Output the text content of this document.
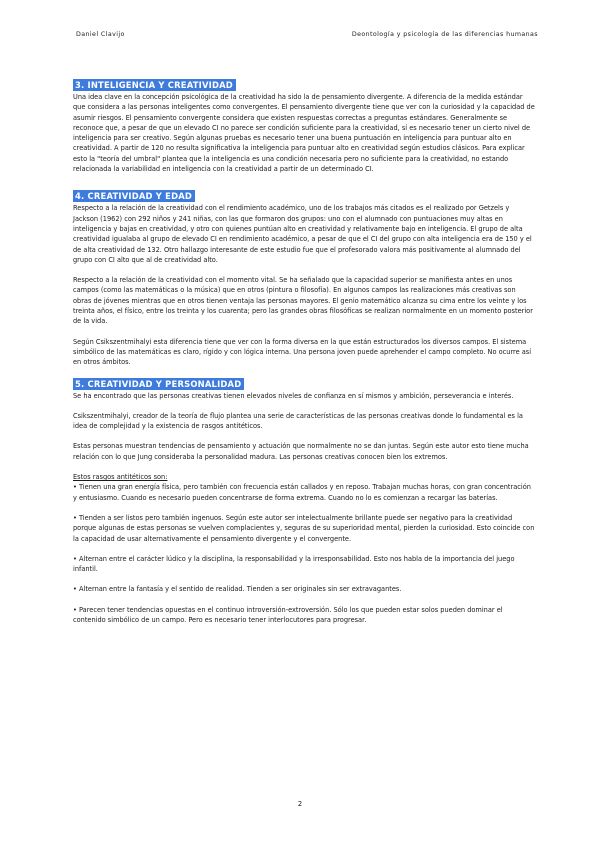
Daniel Clavijo	Deontología y psicología de las diferencias humanas
3. INTELIGENCIA Y CREATIVIDAD

Una idea clave en la concepción psicológica de la creatividad ha sido la de pensamiento divergente. A diferencia de la medida estándar que considera a las personas inteligentes como convergentes. El pensamiento divergente tiene que ver con la curiosidad y la capacidad de asumir riesgos. El pensamiento convergente considera que existen respuestas correctas a preguntas estándares. Generalmente se reconoce que, a pesar de que un elevado CI no parece ser condición suficiente para la creatividad, sí es necesario tener un cierto nivel de inteligencia para ser creativo. Según algunas pruebas es necesario tener una buena puntuación en inteligencia para puntuar alto en creatividad. A partir de 120 no resulta significativa la inteligencia para puntuar alto en creatividad según estudios clásicos. Para explicar esto la "teoría del umbral" plantea que la inteligencia es una condición necesaria pero no suficiente para la creatividad, no estando relacionada la variabilidad en inteligencia con la creatividad a partir de un determinado CI.

4. CREATIVIDAD Y EDAD

Respecto a la relación de la creatividad con el rendimiento académico, uno de los trabajos más citados es el realizado por Getzels y Jackson (1962) con 292 niños y 241 niñas, con las que formaron dos grupos: uno con el alumnado con puntuaciones muy altas en inteligencia y bajas en creatividad, y otro con quienes puntúan alto en creatividad y relativamente bajo en inteligencia. El grupo de alta creatividad igualaba al grupo de elevado CI en rendimiento académico, a pesar de que el CI del grupo con alta inteligencia era de 150 y el de alta creatividad de 132. Otro hallazgo interesante de este estudio fue que el profesorado valora más positivamente al alumnado del grupo con CI alto que al de creatividad alto.

Respecto a la relación de la creatividad con el momento vital. Se ha señalado que la capacidad superior se manifiesta antes en unos campos (como las matemáticas o la música) que en otros (pintura o filosofía). En algunos campos las realizaciones más creativas son obras de jóvenes mientras que en otros tienen ventaja las personas mayores. El genio matemático alcanza su cima entre los veinte y los treinta años, el físico, entre los treinta y los cuarenta; pero las grandes obras filosóficas se realizan normalmente en un momento posterior de la vida.

Según Csikszentmihalyi esta diferencia tiene que ver con la forma diversa en la que están estructurados los diversos campos. El sistema simbólico de las matemáticas es claro, rígido y con lógica interna. Una persona joven puede aprehender el campo completo. No ocurre así en otros ámbitos.

5. CREATIVIDAD Y PERSONALIDAD

Se ha encontrado que las personas creativas tienen elevados niveles de confianza en sí mismos y ambición, perseverancia e interés.

Csikszentmihalyi, creador de la teoría de flujo plantea una serie de características de las personas creativas donde lo fundamental es la idea de complejidad y la existencia de rasgos antitéticos.

Estas personas muestran tendencias de pensamiento y actuación que normalmente no se dan juntas. Según este autor esto tiene mucha relación con lo que Jung consideraba la personalidad madura. Las personas creativas conocen bien los extremos.

Estos rasgos antitéticos son:

• Tienen una gran energía física, pero también con frecuencia están callados y en reposo. Trabajan muchas horas, con gran concentración y entusiasmo. Cuando es necesario pueden concentrarse de forma extrema. Cuando no lo es comienzan a recargar las baterías.

• Tienden a ser listos pero también ingenuos. Según este autor ser intelectualmente brillante puede ser negativo para la creatividad porque algunas de estas personas se vuelven complacientes y, seguras de su superioridad mental, pierden la curiosidad. Esto coincide con la capacidad de usar alternativamente el pensamiento divergente y el convergente.

• Alternan entre el carácter lúdico y la disciplina, la responsabilidad y la irresponsabilidad. Esto nos habla de la importancia del juego infantil.

• Alternan entre la fantasía y el sentido de realidad. Tienden a ser originales sin ser extravagantes.

• Parecen tener tendencias opuestas en el continuo introversión-extroversión. Sólo los que pueden estar solos pueden dominar el contenido simbólico de un campo. Pero es necesario tener interlocutores para progresar.

2
